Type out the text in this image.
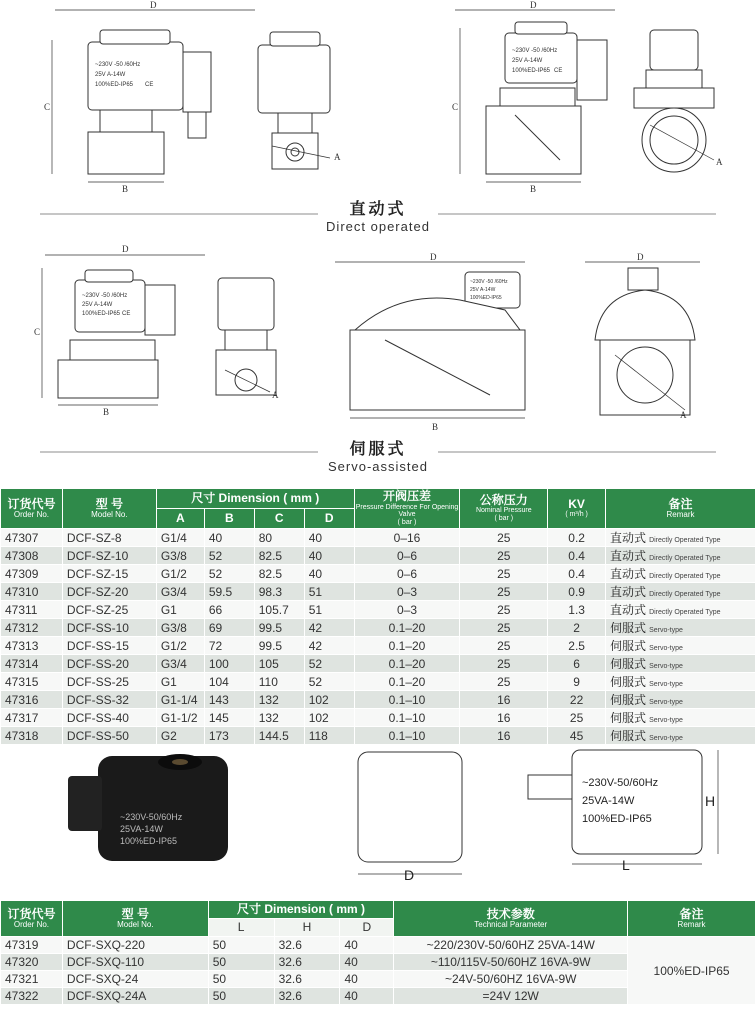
D
C
B
A
D
C
B
A
D
C
B
A
D
B
D
A
~230V -50 /60Hz
25V A-14W
100%ED-IP65 CE
~230V -50 /60Hz
25V A-14W
100%ED-IP65 CE
~230V -50 /60Hz
25V A-14W
100%ED-IP65 CE
~230V -50 /60Hz
25V A-14W
100%ED-IP65
直动式
Direct operated
伺服式
Servo-assisted
订货代号
Order No.	型 号
Model No.	尺寸 Dimension ( mm )				开阀压差
Pressure Difference For Opening Valve
( bar )	公称压力
Nominal Pressure
( bar )	KV
( m³/h )	备注
Remark

		A	B	C	D				
47307	DCF-SZ-8	G1/4	40	80	40	0–16	25	0.2	直动式 Directly Operated Type
47308	DCF-SZ-10	G3/8	52	82.5	40	0–6	25	0.4	直动式 Directly Operated Type
47309	DCF-SZ-15	G1/2	52	82.5	40	0–6	25	0.4	直动式 Directly Operated Type
47310	DCF-SZ-20	G3/4	59.5	98.3	51	0–3	25	0.9	直动式 Directly Operated Type
47311	DCF-SZ-25	G1	66	105.7	51	0–3	25	1.3	直动式 Directly Operated Type
47312	DCF-SS-10	G3/8	69	99.5	42	0.1–20	25	2	伺服式 Servo-type
47313	DCF-SS-15	G1/2	72	99.5	42	0.1–20	25	2.5	伺服式 Servo-type
47314	DCF-SS-20	G3/4	100	105	52	0.1–20	25	6	伺服式 Servo-type
47315	DCF-SS-25	G1	104	110	52	0.1–20	25	9	伺服式 Servo-type
47316	DCF-SS-32	G1-1/4	143	132	102	0.1–10	16	22	伺服式 Servo-type
47317	DCF-SS-40	G1-1/2	145	132	102	0.1–10	16	25	伺服式 Servo-type
47318	DCF-SS-50	G2	173	144.5	118	0.1–10	16	45	伺服式 Servo-type
~230V-50/60Hz
25VA-14W
100%ED-IP65
D
L
H
~230V-50/60Hz
25VA-14W
100%ED-IP65
订货代号
Order No.	型 号
Model No.	尺寸 Dimension ( mm )			技术参数
Technical Parameter	备注
Remark

		L	H	D		
47319	DCF-SXQ-220	50	32.6	40	~220/230V-50/60HZ 25VA-14W	100%ED-IP65
47320	DCF-SXQ-110	50	32.6	40	~110/115V-50/60HZ 16VA-9W	
47321	DCF-SXQ-24	50	32.6	40	~24V-50/60HZ 16VA-9W	
47322	DCF-SXQ-24A	50	32.6	40	=24V 12W	
